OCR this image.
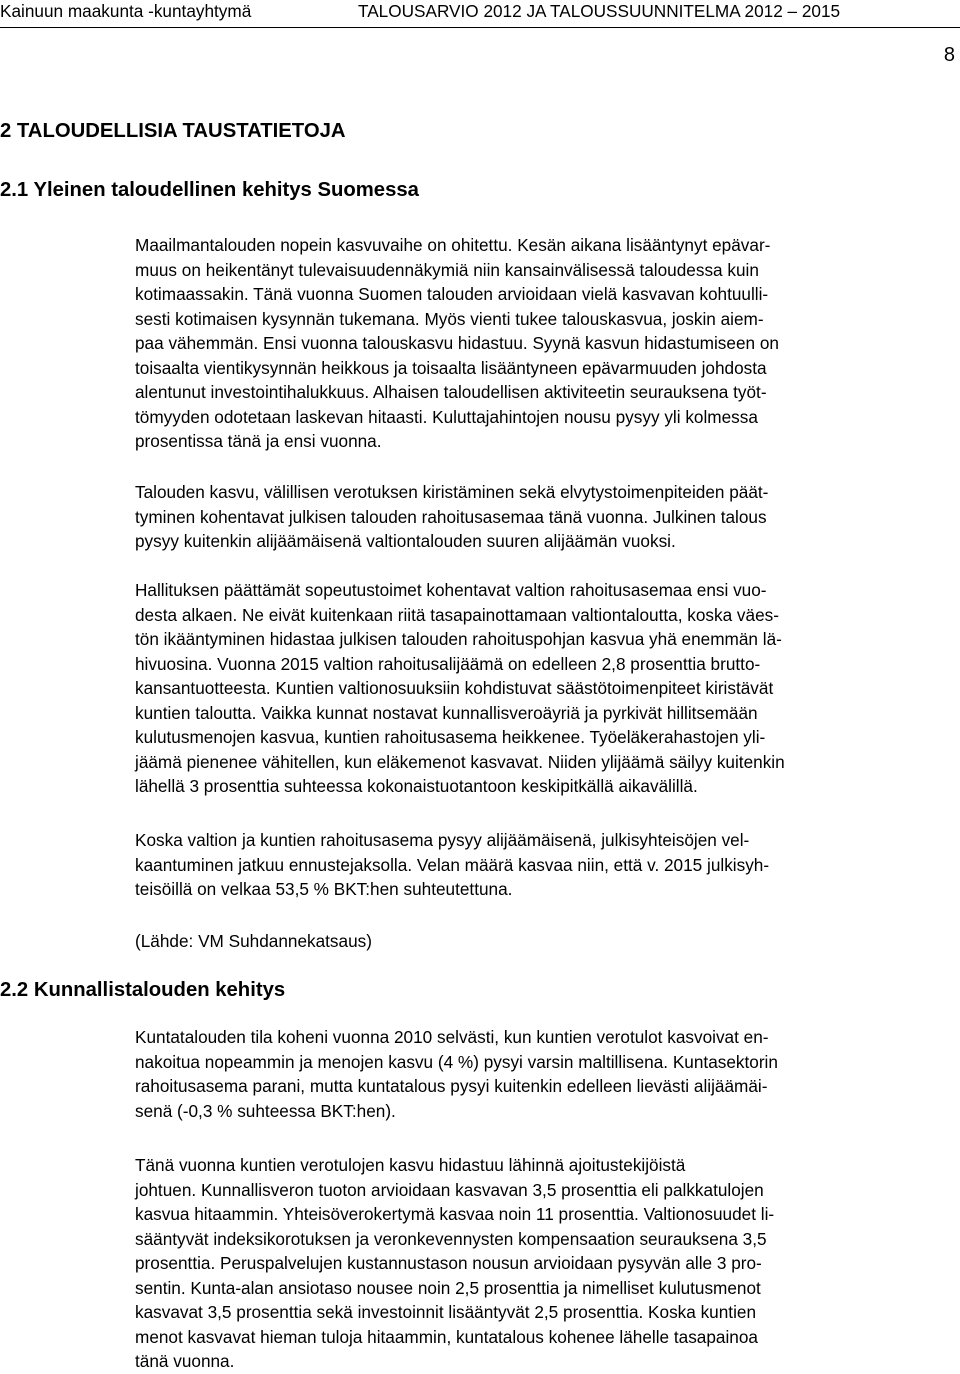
Kainuun maakunta -kuntayhtymä	TALOUSARVIO 2012 JA TALOUSSUUNNITELMA 2012 – 2015
8
2 TALOUDELLISIA TAUSTATIETOJA
2.1 Yleinen taloudellinen kehitys Suomessa

Maailmantalouden nopein kasvuvaihe on ohitettu. Kesän aikana lisääntynyt epävar-
muus on heikentänyt tulevaisuudennäkymiä niin kansainvälisessä taloudessa kuin
kotimaassakin. Tänä vuonna Suomen talouden arvioidaan vielä kasvavan kohtuulli-
sesti kotimaisen kysynnän tukemana. Myös vienti tukee talouskasvua, joskin aiem-
paa vähemmän. Ensi vuonna talouskasvu hidastuu. Syynä kasvun hidastumiseen on
toisaalta vientikysynnän heikkous ja toisaalta lisääntyneen epävarmuuden johdosta
alentunut investointihalukkuus. Alhaisen taloudellisen aktiviteetin seurauksena työt-
tömyyden odotetaan laskevan hitaasti. Kuluttajahintojen nousu pysyy yli kolmessa
prosentissa tänä ja ensi vuonna.

Talouden kasvu, välillisen verotuksen kiristäminen sekä elvytystoimenpiteiden päät-
tyminen kohentavat julkisen talouden rahoitusasemaa tänä vuonna. Julkinen talous
pysyy kuitenkin alijäämäisenä valtiontalouden suuren alijäämän vuoksi.

Hallituksen päättämät sopeutustoimet kohentavat valtion rahoitusasemaa ensi vuo-
desta alkaen. Ne eivät kuitenkaan riitä tasapainottamaan valtiontaloutta, koska väes-
tön ikääntyminen hidastaa julkisen talouden rahoituspohjan kasvua yhä enemmän lä-
hivuosina. Vuonna 2015 valtion rahoitusalijäämä on edelleen 2,8 prosenttia brutto-
kansantuotteesta. Kuntien valtionosuuksiin kohdistuvat säästötoimenpiteet kiristävät
kuntien taloutta. Vaikka kunnat nostavat kunnallisveroäyriä ja pyrkivät hillitsemään
kulutusmenojen kasvua, kuntien rahoitusasema heikkenee. Työeläkerahastojen yli-
jäämä pienenee vähitellen, kun eläkemenot kasvavat. Niiden ylijäämä säilyy kuitenkin
lähellä 3 prosenttia suhteessa kokonaistuotantoon keskipitkällä aikavälillä.

Koska valtion ja kuntien rahoitusasema pysyy alijäämäisenä, julkisyhteisöjen vel-
kaantuminen jatkuu ennustejaksolla. Velan määrä kasvaa niin, että v. 2015 julkisyh-
teisöillä on velkaa 53,5 % BKT:hen suhteutettuna.

(Lähde: VM Suhdannekatsaus)

2.2 Kunnallistalouden kehitys

Kuntatalouden tila koheni vuonna 2010 selvästi, kun kuntien verotulot kasvoivat en-
nakoitua nopeammin ja menojen kasvu (4 %) pysyi varsin maltillisena. Kuntasektorin
rahoitusasema parani, mutta kuntatalous pysyi kuitenkin edelleen lievästi alijäämäi-
senä (-0,3 % suhteessa BKT:hen).

Tänä vuonna kuntien verotulojen kasvu hidastuu lähinnä ajoitustekijöistä
johtuen. Kunnallisveron tuoton arvioidaan kasvavan 3,5 prosenttia eli palkkatulojen
kasvua hitaammin. Yhteisöverokertymä kasvaa noin 11 prosenttia. Valtionosuudet li-
sääntyvät indeksikorotuksen ja veronkevennysten kompensaation seurauksena 3,5
prosenttia. Peruspalvelujen kustannustason nousun arvioidaan pysyvän alle 3 pro-
sentin. Kunta-alan ansiotaso nousee noin 2,5 prosenttia ja nimelliset kulutusmenot
kasvavat 3,5 prosenttia sekä investoinnit lisääntyvät 2,5 prosenttia. Koska kuntien
menot kasvavat hieman tuloja hitaammin, kuntatalous kohenee lähelle tasapainoa
tänä vuonna.
